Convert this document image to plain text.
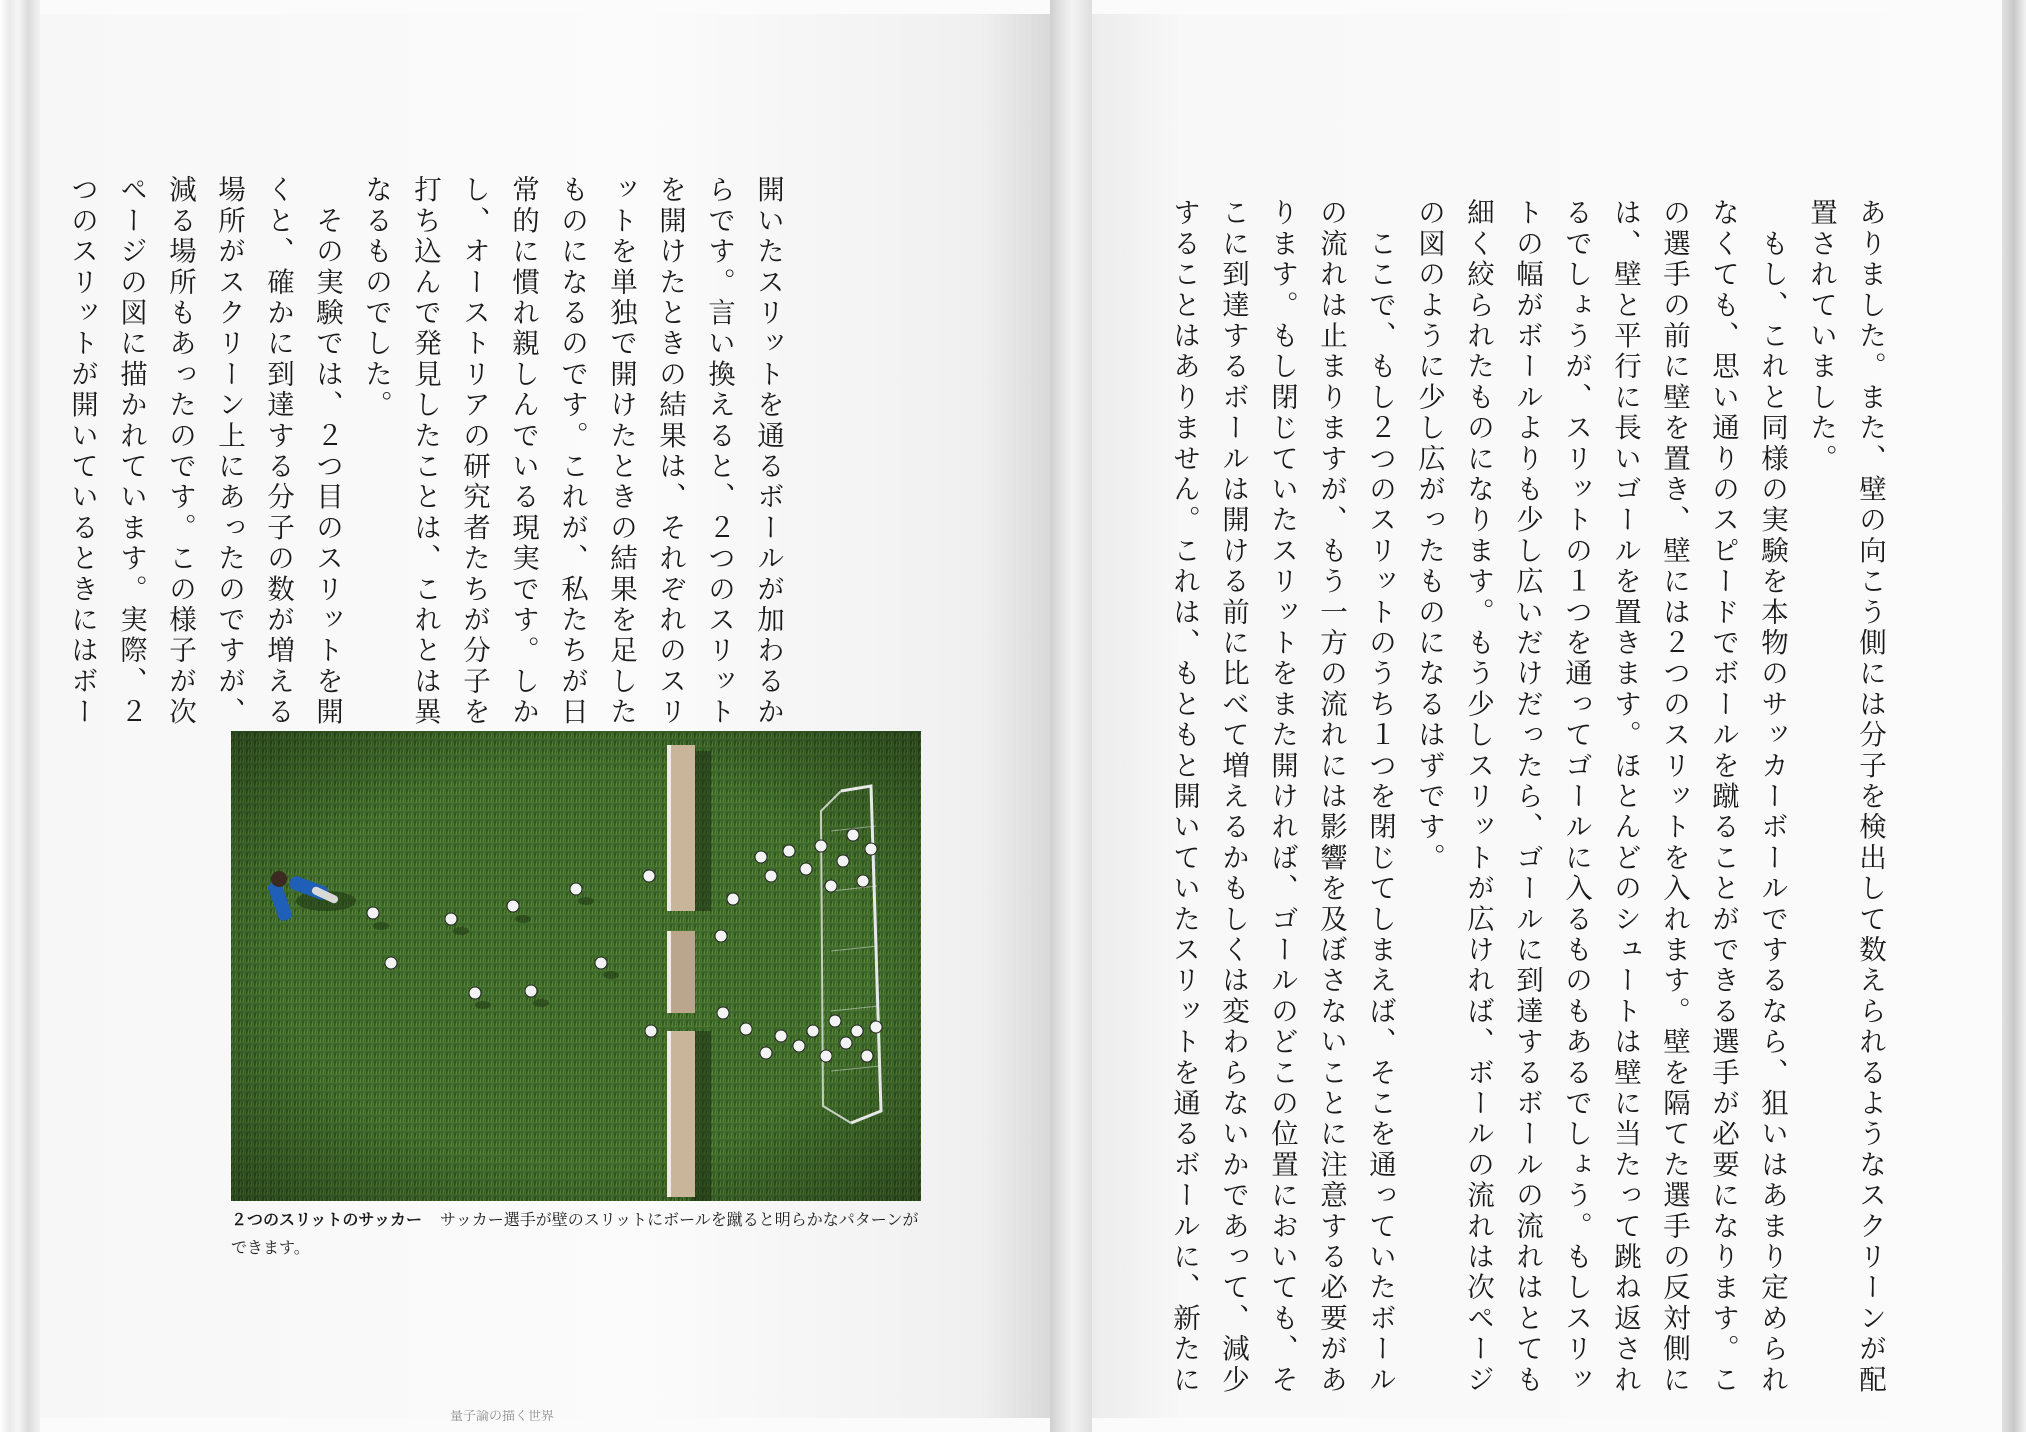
ありました。また、壁の向こう側には分子を検出して数えられるようなスクリーンが配
置されていました。
　もし、これと同様の実験を本物のサッカーボールでするなら、狙いはあまり定められ
なくても、思い通りのスピードでボールを蹴ることができる選手が必要になります。こ
の選手の前に壁を置き、壁には２つのスリットを入れます。壁を隔てた選手の反対側に
は、壁と平行に長いゴールを置きます。ほとんどのシュートは壁に当たって跳ね返され
るでしょうが、スリットの１つを通ってゴールに入るものもあるでしょう。もしスリッ
トの幅がボールよりも少し広いだけだったら、ゴールに到達するボールの流れはとても
細く絞られたものになります。もう少しスリットが広ければ、ボールの流れは次ページ
の図のように少し広がったものになるはずです。
　ここで、もし２つのスリットのうち１つを閉じてしまえば、そこを通っていたボール
の流れは止まりますが、もう一方の流れには影響を及ぼさないことに注意する必要があ
ります。もし閉じていたスリットをまた開ければ、ゴールのどこの位置においても、そ
こに到達するボールは開ける前に比べて増えるかもしくは変わらないかであって、減少
することはありません。これは、もともと開いていたスリットを通るボールに、新たに
開いたスリットを通るボールが加わるか
らです。言い換えると、２つのスリット
を開けたときの結果は、それぞれのスリ
ットを単独で開けたときの結果を足した
ものになるのです。これが、私たちが日
常的に慣れ親しんでいる現実です。しか
し、オーストリアの研究者たちが分子を
打ち込んで発見したことは、これとは異
なるものでした。
　その実験では、２つ目のスリットを開
くと、確かに到達する分子の数が増える
場所がスクリーン上にあったのですが、
減る場所もあったのです。この様子が次
ページの図に描かれています。実際、２
つのスリットが開いているときにはボー
２つのスリットのサッカー サッカー選手が壁のスリットにボールを蹴ると明らかなパターンができます。
量子論の描く世界
